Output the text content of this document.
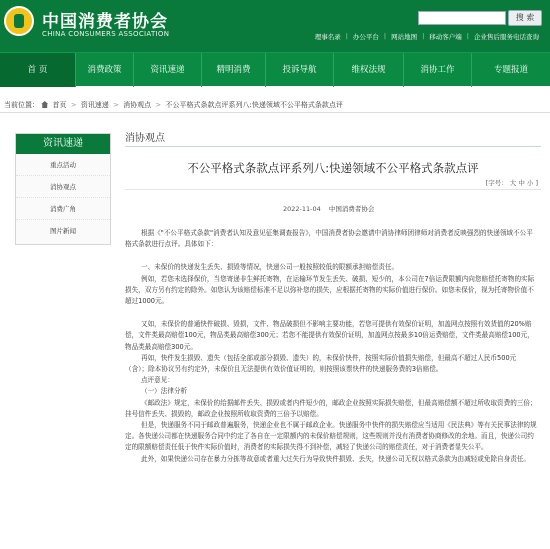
中国消费者协会
CHINA CONSUMERS ASSOCIATION
搜 索
理事名录 | 办公平台 | 网站地图 | 移动客户端 | 企业售后服务电话查询
首 页	消费政策	资讯速递	精明消费	投诉导航	维权法规	消协工作	专题报道
当前位置： 首页 > 资讯速递 > 消协观点 > 不公平格式条款点评系列八:快递领域不公平格式条款点评
资讯速递
重点活动
消协观点
消费广角
图片新闻
消协观点
不公平格式条款点评系列八:快递领域不公平格式条款点评
[字号： 大 中 小 ]
2022-11-04 中国消费者协会

根据《"不公平格式条款"消费者认知及意见征集调查报告》，中国消费者协会邀请中消协律师团律师对消费者反映强烈的快递领域不公平格式条款进行点评。具体如下：

一、未保价的快递发生丢失、损毁等情况，快递公司一般按照较低的限额承担赔偿责任。

例如，若您未选择保价，当您寄递非生鲜托寄物，在运输环节发生丢失、破损、短少的，本公司在7倍运费限额内向您赔偿托寄物的实际损失，双方另有约定的除外。如您认为该赔偿标准不足以弥补您的损失，应根据托寄物的实际价值进行保价。如您未保价，视为托寄物价值不超过1000元。

又如，未保价的普通快件破损、毁损，文件、物品破损但不影响主要功能，若您可提供有效保价证明，加盖网点按照有效货值的20%赔偿，文件类最高赔偿100元，物品类最高赔偿300元；若您不能提供有效保价证明，加盖网点按最多10倍运费赔偿，文件类最高赔偿100元，物品类最高赔偿300元。

再如，快件发生损毁、遗失（包括全部或部分损毁、遗失）的，未保价快件，按照实际价值损失赔偿，但最高不超过人民币500元（含）；除本协议另有约定外，未保价且无法提供有效价值证明的，则按照该票快件的快递服务费的3倍赔偿。

点评意见：

（一）法律分析

《邮政法》规定，未保价的给据邮件丢失、损毁或者内件短少的，邮政企业按照实际损失赔偿，但最高赔偿额不超过所收取资费的三倍；挂号信件丢失、损毁的，邮政企业按照所收取资费的三倍予以赔偿。

但是，快递服务不同于邮政普遍服务，快递企业也不属于邮政企业。快递服务中快件的损失赔偿应当适用《民法典》等有关民事法律的规定。各快递公司都在快递服务合同中约定了各自在一定限额内的未保价赔偿规则，这些规则并没有消费者协商修改的余地。而且，快递公司约定的限额赔偿责任低于快件实际价值时，消费者的实际损失得不到补偿，减轻了快递公司的赔偿责任，对于消费者显失公平。

此外，如果快递公司存在暴力分拣等故意或者重大过失行为导致快件损毁、丢失，快递公司无权以格式条款为由减轻或免除自身责任。
